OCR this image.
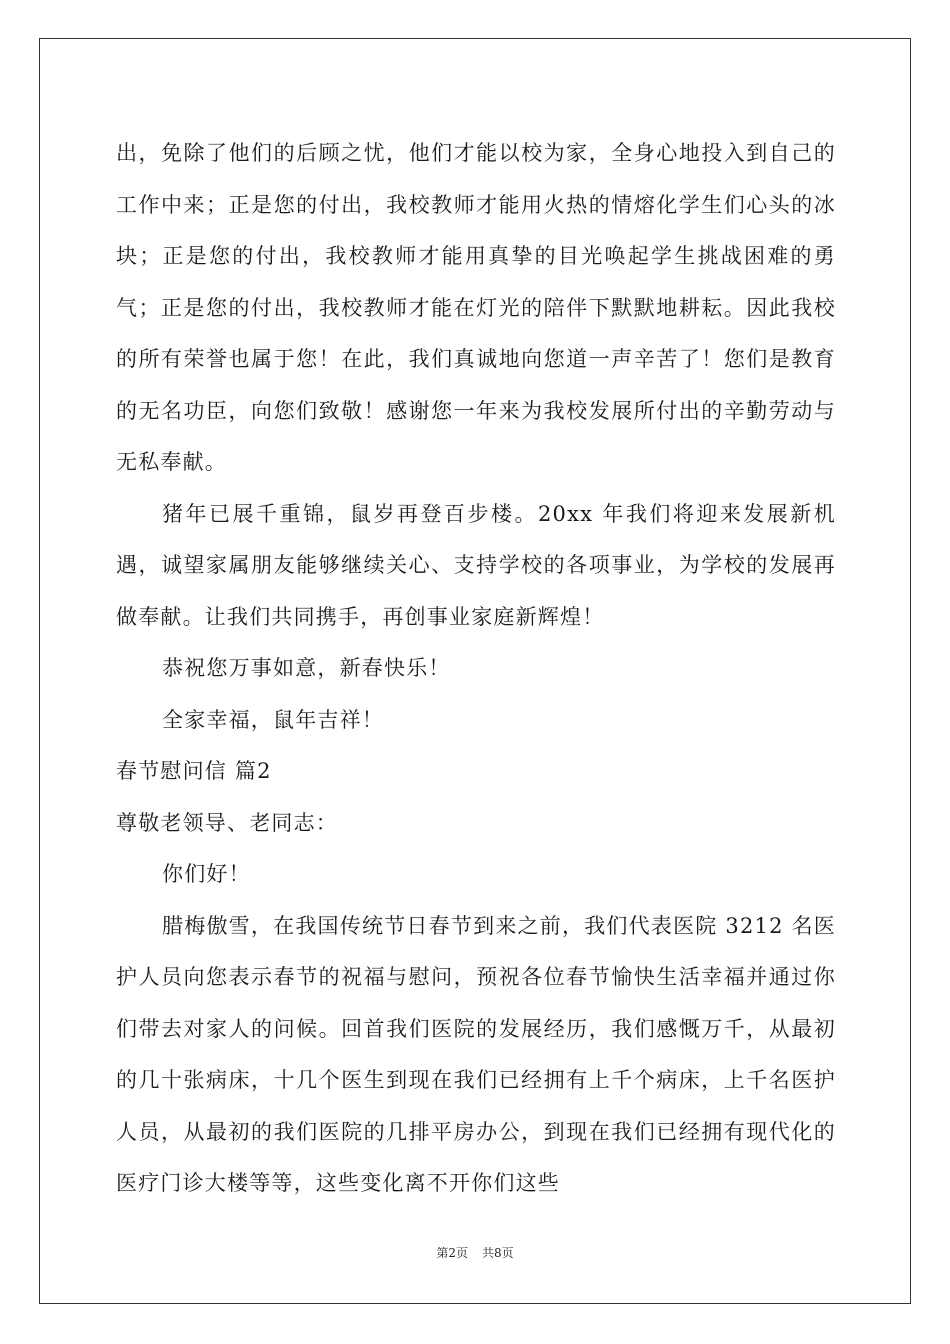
出，免除了他们的后顾之忧，他们才能以校为家，全身心地投入到自己的工作中来；正是您的付出，我校教师才能用火热的情熔化学生们心头的冰块；正是您的付出，我校教师才能用真挚的目光唤起学生挑战困难的勇气；正是您的付出，我校教师才能在灯光的陪伴下默默地耕耘。因此我校的所有荣誉也属于您！在此，我们真诚地向您道一声辛苦了！您们是教育的无名功臣，向您们致敬！感谢您一年来为我校发展所付出的辛勤劳动与无私奉献。

猪年已展千重锦，鼠岁再登百步楼。20xx 年我们将迎来发展新机遇，诚望家属朋友能够继续关心、支持学校的各项事业，为学校的发展再做奉献。让我们共同携手，再创事业家庭新辉煌！

恭祝您万事如意，新春快乐！

全家幸福，鼠年吉祥！

春节慰问信 篇2

尊敬老领导、老同志：

你们好！

腊梅傲雪，在我国传统节日春节到来之前，我们代表医院 3212 名医护人员向您表示春节的祝福与慰问，预祝各位春节愉快生活幸福并通过你们带去对家人的问候。回首我们医院的发展经历，我们感慨万千，从最初的几十张病床，十几个医生到现在我们已经拥有上千个病床，上千名医护人员，从最初的我们医院的几排平房办公，到现在我们已经拥有现代化的医疗门诊大楼等等，这些变化离不开你们这些

第2页 共8页
